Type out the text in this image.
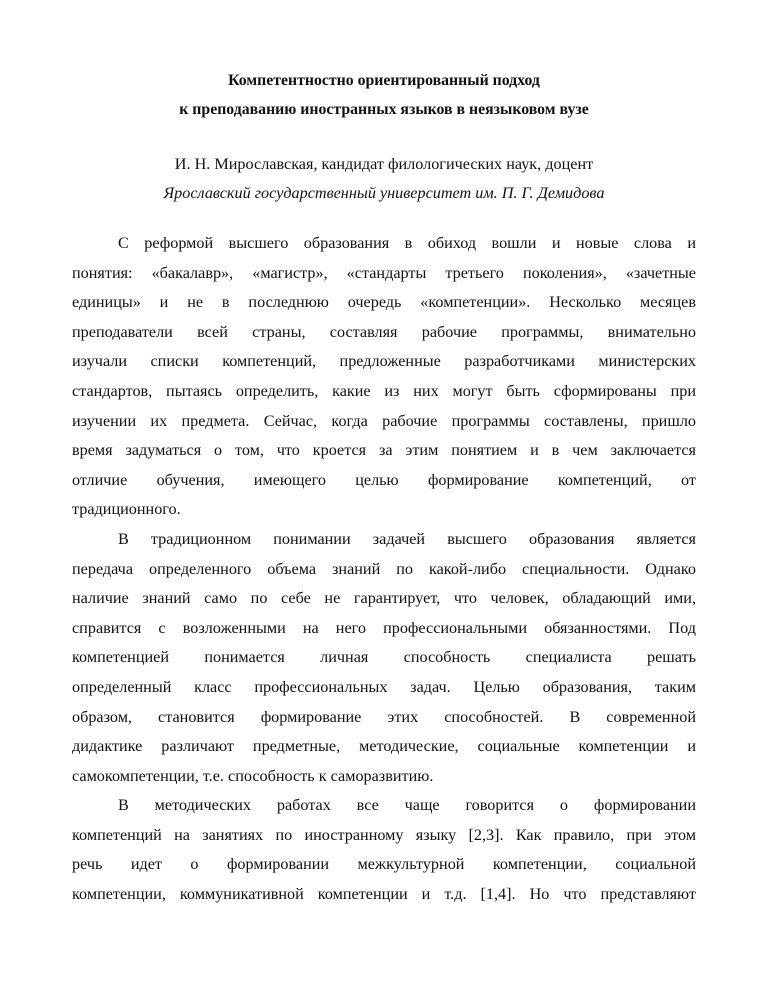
Компетентностно ориентированный подход
к преподаванию иностранных языков в неязыковом вузе
И. Н. Мирославская, кандидат филологических наук, доцент
Ярославский государственный университет им. П. Г. Демидова
С реформой высшего образования в обиход вошли и новые слова и
понятия: «бакалавр», «магистр», «стандарты третьего поколения», «зачетные
единицы» и не в последнюю очередь «компетенции». Несколько месяцев
преподаватели всей страны, составляя рабочие программы, внимательно
изучали списки компетенций, предложенные разработчиками министерских
стандартов, пытаясь определить, какие из них могут быть сформированы при
изучении их предмета. Сейчас, когда рабочие программы составлены, пришло
время задуматься о том, что кроется за этим понятием и в чем заключается
отличие обучения, имеющего целью формирование компетенций, от
традиционного.
В традиционном понимании задачей высшего образования является
передача определенного объема знаний по какой-либо специальности. Однако
наличие знаний само по себе не гарантирует, что человек, обладающий ими,
справится с возложенными на него профессиональными обязанностями. Под
компетенцией понимается личная способность специалиста решать
определенный класс профессиональных задач. Целью образования, таким
образом, становится формирование этих способностей. В современной
дидактике различают предметные, методические, социальные компетенции и
самокомпетенции, т.е. способность к саморазвитию.
В методических работах все чаще говорится о формировании
компетенций на занятиях по иностранному языку [2,3]. Как правило, при этом
речь идет о формировании межкультурной компетенции, социальной
компетенции, коммуникативной компетенции и т.д. [1,4]. Но что представляют
